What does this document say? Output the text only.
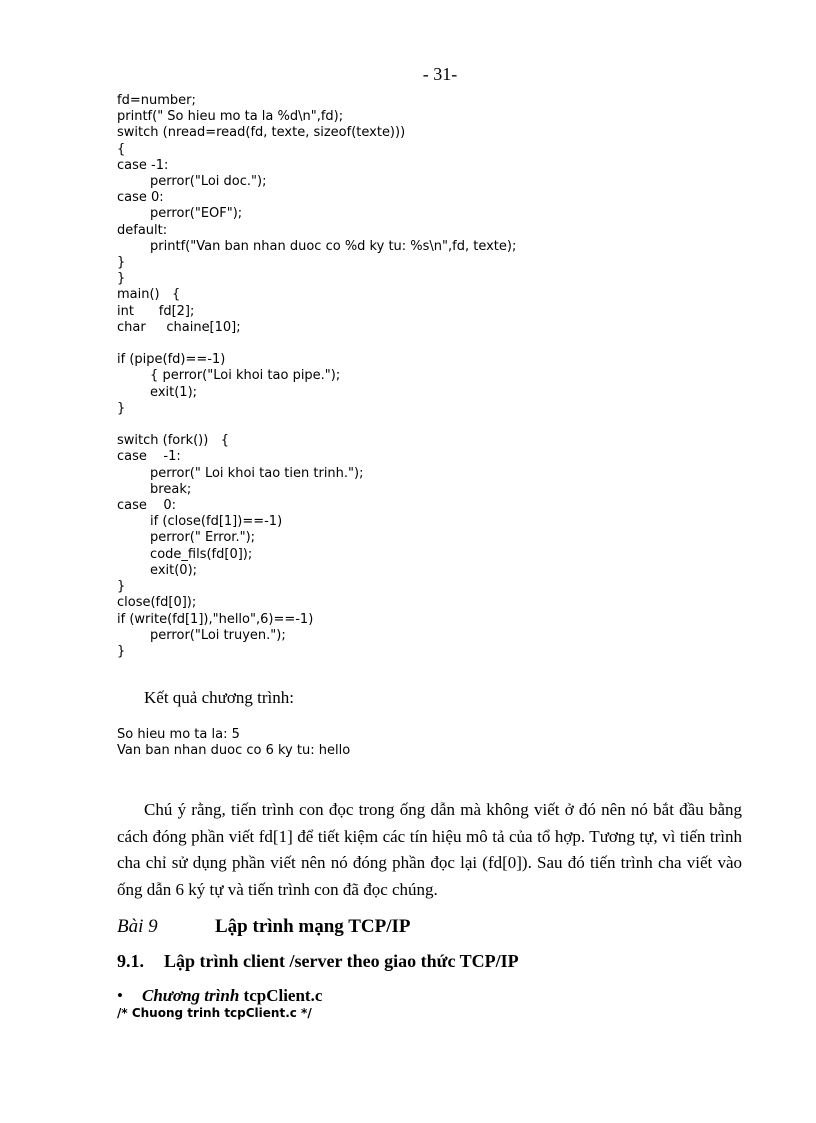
- 31-
fd=number;
printf(" So hieu mo ta la %d\n",fd);
switch (nread=read(fd, texte, sizeof(texte)))
{
case -1:
perror("Loi doc.");
case 0:
perror("EOF");
default:
printf("Van ban nhan duoc co %d ky tu: %s\n",fd, texte);
}
}
main()   {
int      fd[2];
char     chaine[10];

if (pipe(fd)==-1)
{ perror("Loi khoi tao pipe.");
exit(1);
}

switch (fork())   {
case    -1:
perror(" Loi khoi tao tien trinh.");
break;
case    0:
if (close(fd[1])==-1)
perror(" Error.");
code_fils(fd[0]);
exit(0);
}
close(fd[0]);
if (write(fd[1]),"hello",6)==-1)
perror("Loi truyen.");
}
Kết quả chương trình:
So hieu mo ta la: 5
Van ban nhan duoc co 6 ky tu: hello

Chú ý rằng, tiến trình con đọc trong ống dẫn mà không viết ở đó nên nó bắt đầu bằng cách đóng phần viết fd[1] để tiết kiệm các tín hiệu mô tả của tổ hợp. Tương tự, vì tiến trình cha chỉ sử dụng phần viết nên nó đóng phần đọc lại (fd[0]). Sau đó tiến trình cha viết vào ống dẫn 6 ký tự và tiến trình con đã đọc chúng.

Bài 9	Lập trình mạng TCP/IP
9.1. Lập trình client /server theo giao thức TCP/IP
• Chương trình tcpClient.c
/* Chuong trinh tcpClient.c */
